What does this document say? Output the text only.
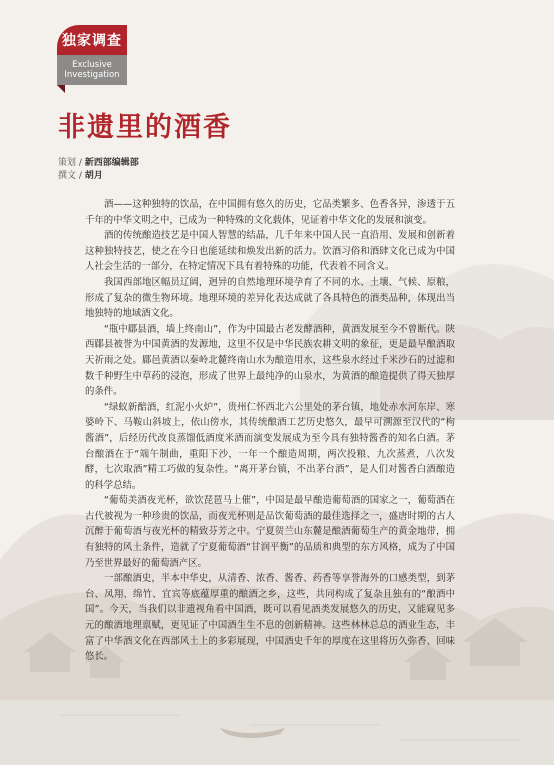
独家调查
Exclusive
Investigation
非遗里的酒香
策划 / 新西部编辑部
撰文 / 胡月

酒——这种独特的饮品，在中国拥有悠久的历史，它品类繁多、色香各异，渗透于五千年的中华文明之中，已成为一种特殊的文化载体，见证着中华文化的发展和演变。

酒的传统酿造技艺是中国人智慧的结晶，几千年来中国人民一直沿用、发展和创新着这种独特技艺，使之在今日也能延续和焕发出新的活力。饮酒习俗和酒肆文化已成为中国人社会生活的一部分，在特定情况下具有着特殊的功能，代表着不同含义。

我国西部地区幅员辽阔，迥异的自然地理环境孕育了不同的水、土壤、气候、原粮，形成了复杂的微生物环境。地理环境的差异化表达成就了各具特色的酒类品种，体现出当地独特的地域酒文化。

“瓶中郿县酒，墙上终南山”，作为中国最古老发酵酒种，黄酒发展至今不曾断代。陕西郿县被誉为中国黄酒的发源地，这里不仅是中华民族农耕文明的象征，更是最早酿酒取天祈雨之处。郿邑黄酒以秦岭北麓终南山水为酿造用水，这些泉水经过千米沙石的过滤和数千种野生中草药的浸泡，形成了世界上最纯净的山泉水，为黄酒的酿造提供了得天独厚的条件。

“绿蚁新醅酒，红泥小火炉”，贵州仁怀西北六公里处的茅台镇，地处赤水河东岸、寒婆岭下、马鞍山斜坡上，依山傍水，其传统酿酒工艺历史悠久，最早可溯源至汉代的“枸酱酒”，后经历代改良蒸馏低酒度米酒而演变发展成为至今具有独特酱香的知名白酒。茅台酿酒在于“端午制曲，重阳下沙，一年一个酿造周期，两次投粮、九次蒸煮，八次发酵，七次取酒”精工巧做的复杂性。“离开茅台镇，不出茅台酒”，是人们对酱香白酒酿造的科学总结。

“葡萄美酒夜光杯，欲饮琵琶马上催”，中国是最早酿造葡萄酒的国家之一，葡萄酒在古代被视为一种珍贵的饮品，而夜光杯则是品饮葡萄酒的最佳选择之一，盛唐时期的古人沉醉于葡萄酒与夜光杯的精致芬芳之中。宁夏贺兰山东麓是酿酒葡萄生产的黄金地带，拥有独特的风土条件，造就了宁夏葡萄酒“甘润平衡”的品质和典型的东方风格，成为了中国乃至世界最好的葡萄酒产区。

一部酿酒史，半本中华史，从清香、浓香、酱香、药香等享誉海外的口感类型，到茅台、凤翔、绵竹、宜宾等底蕴厚重的酿酒之乡，这些，共同构成了复杂且独有的“酿酒中国”。今天，当我们以非遗视角看中国酒，既可以看见酒类发展悠久的历史，又能窥见多元的酿酒地理禀赋，更见证了中国酒生生不息的创新精神。这些林林总总的酒业生态，丰富了中华酒文化在西部风土上的多彩展现，中国酒史千年的厚度在这里将历久弥香、回味悠长。
